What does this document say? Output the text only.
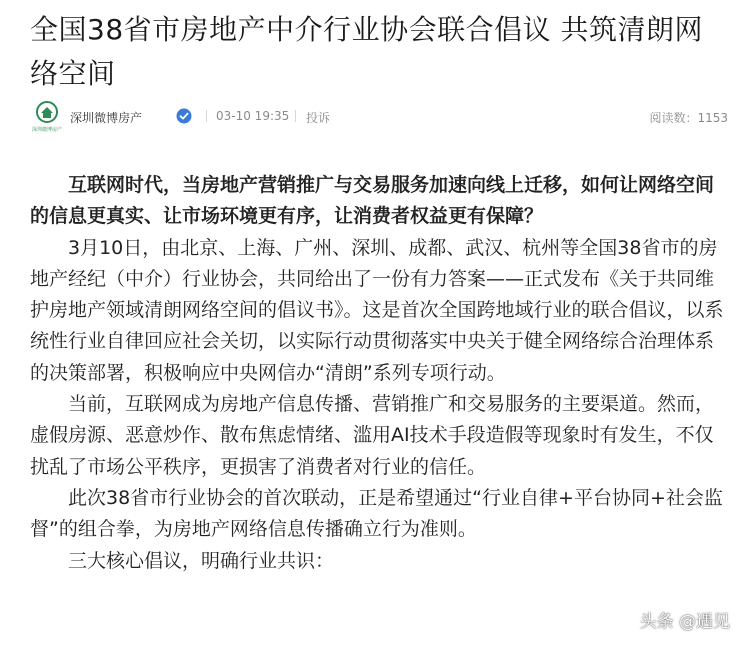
全国38省市房地产中介行业协会联合倡议 共筑清朗网络空间
深圳微博房产
深圳微博房产	03-10 19:35 投诉	阅读数：1153

互联网时代，当房地产营销推广与交易服务加速向线上迁移，如何让网络空间的信息更真实、让市场环境更有序，让消费者权益更有保障？

3月10日，由北京、上海、广州、深圳、成都、武汉、杭州等全国38省市的房地产经纪（中介）行业协会，共同给出了一份有力答案——正式发布《关于共同维护房地产领域清朗网络空间的倡议书》。这是首次全国跨地域行业的联合倡议，以系统性行业自律回应社会关切，以实际行动贯彻落实中央关于健全网络综合治理体系的决策部署，积极响应中央网信办“清朗”系列专项行动。

当前，互联网成为房地产信息传播、营销推广和交易服务的主要渠道。然而，虚假房源、恶意炒作、散布焦虑情绪、滥用AI技术手段造假等现象时有发生，不仅扰乱了市场公平秩序，更损害了消费者对行业的信任。

此次38省市行业协会的首次联动，正是希望通过“行业自律+平台协同+社会监督”的组合拳，为房地产网络信息传播确立行为准则。

三大核心倡议，明确行业共识：

头条 @遇见
